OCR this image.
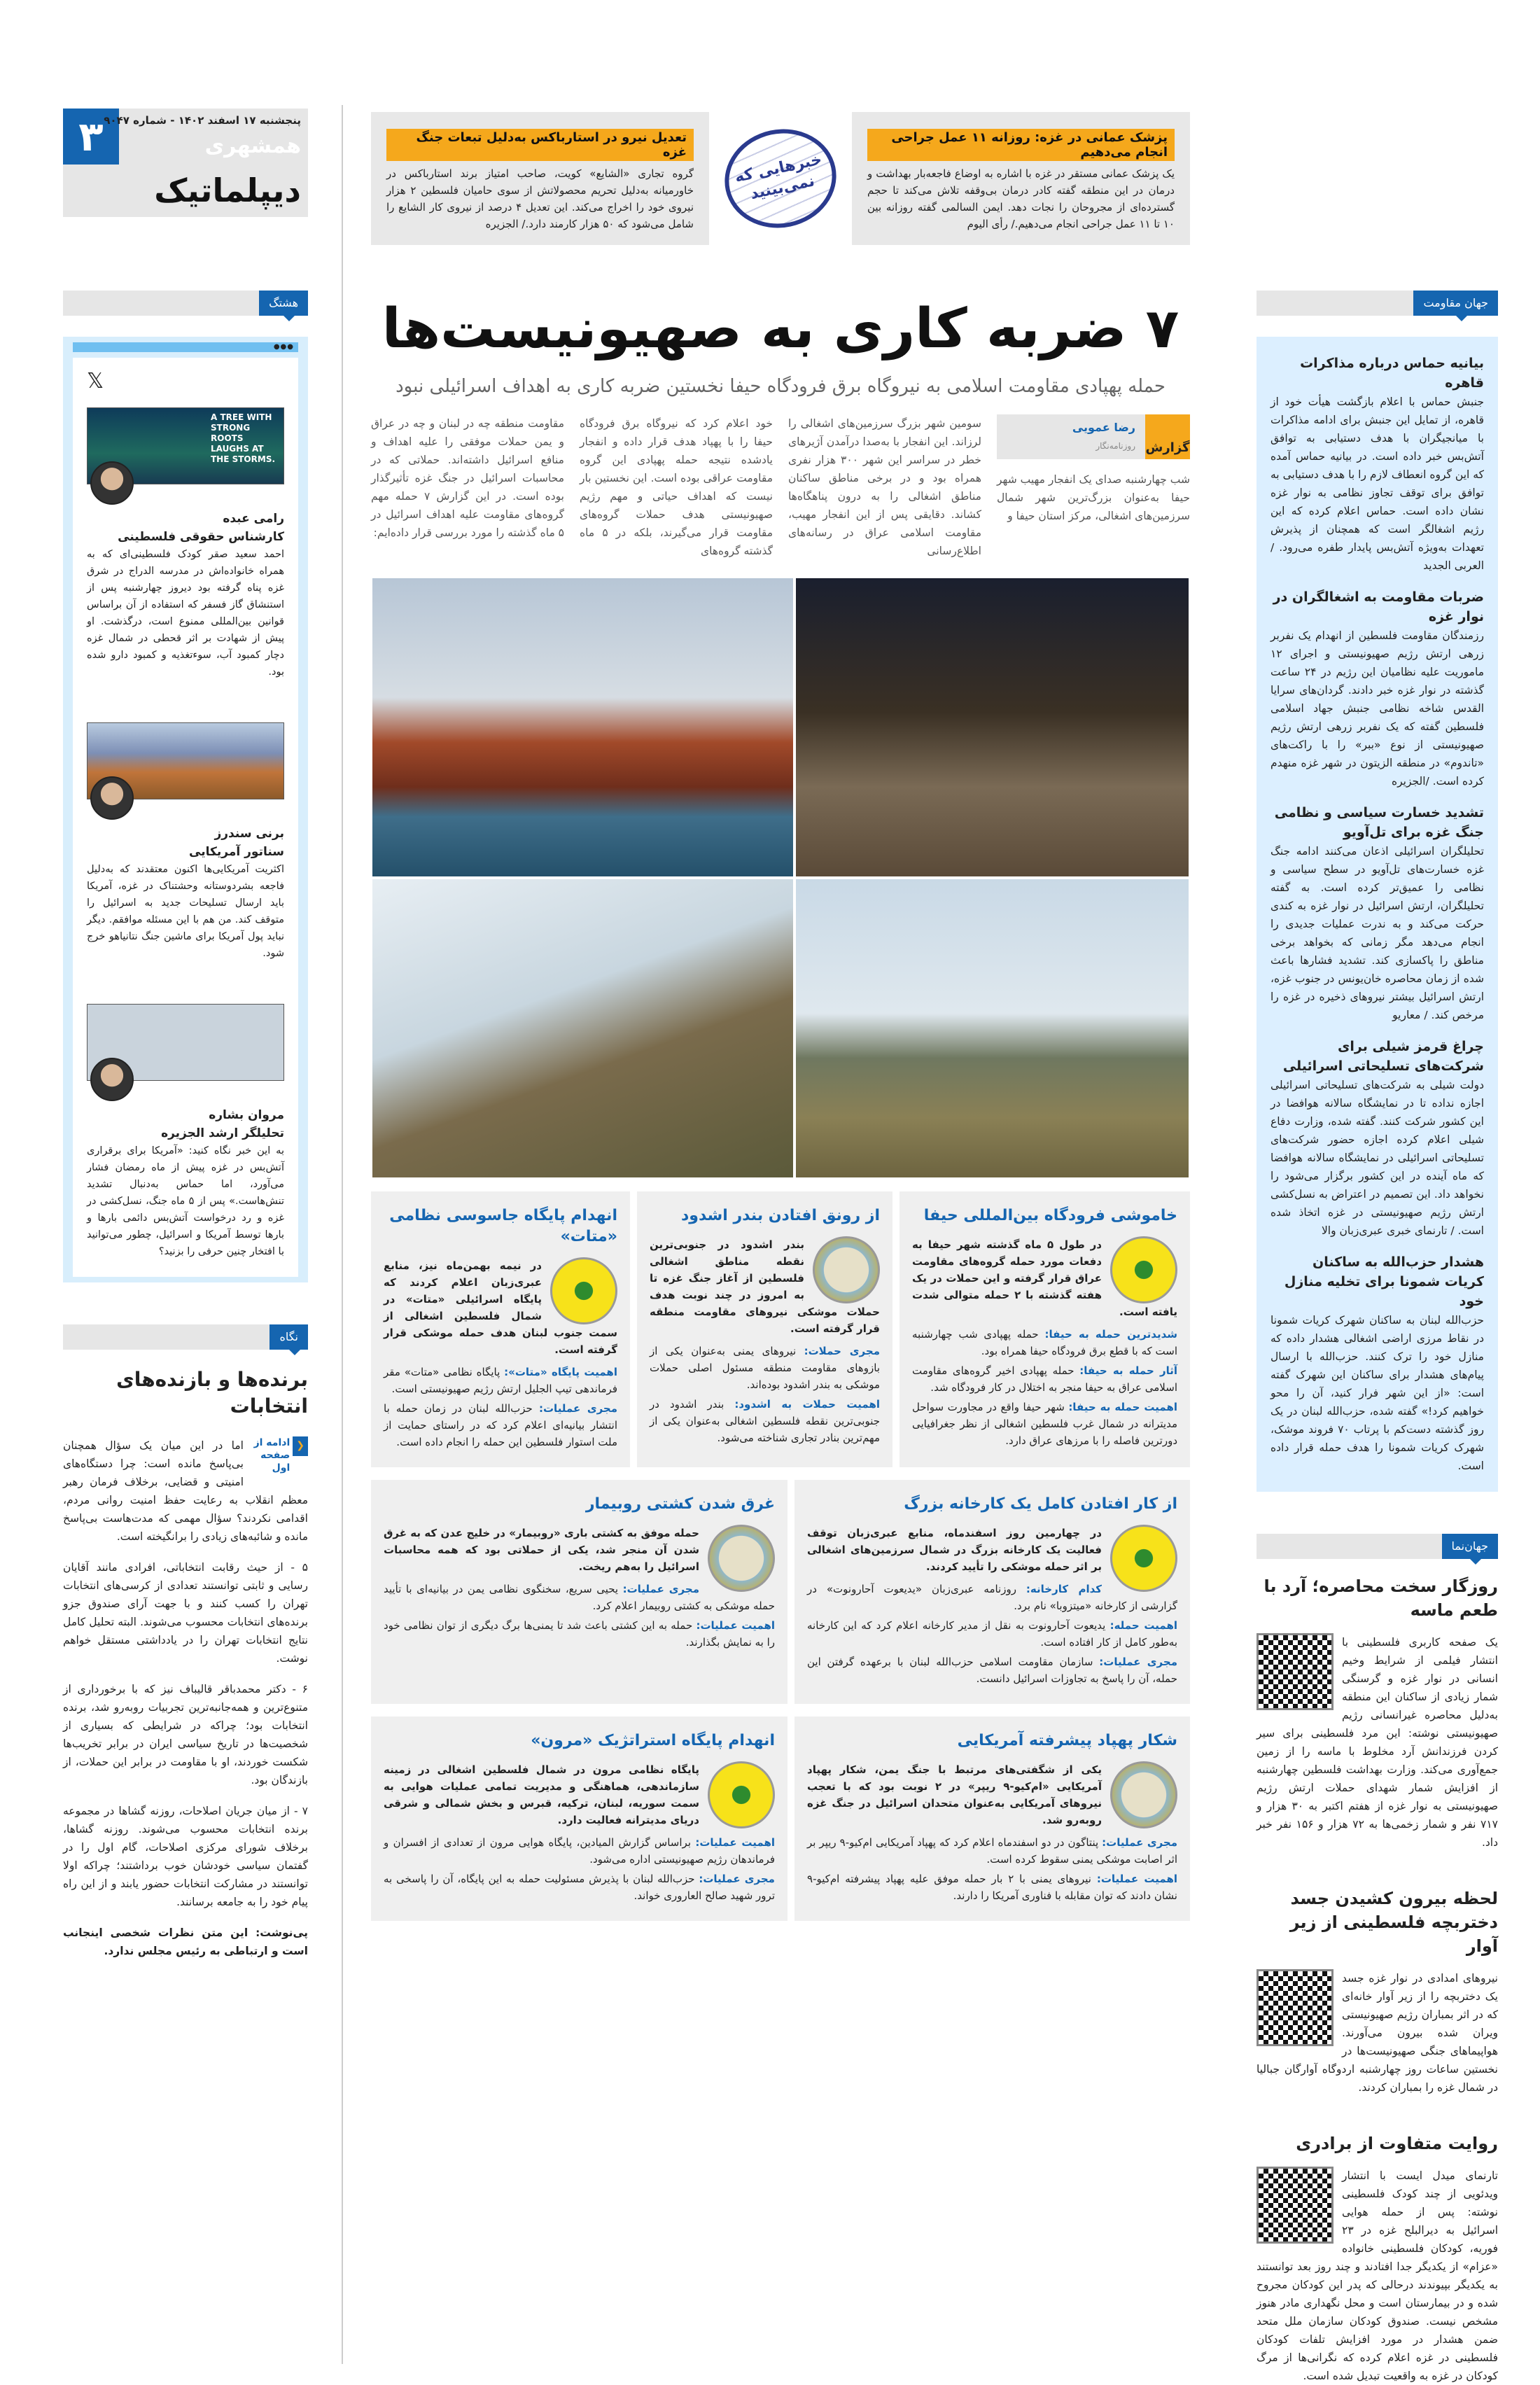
۳ پنجشنبه ۱۷ اسفند ۱۴۰۲ - شماره ۹۰۴۷
همشهری
دیپلماتیک
هشتگ
●●●
𝕏
A TREE WITH STRONG ROOTS LAUGHS AT THE STORMS.
رامی عبده
کارشناس حقوقی فلسطینی
احمد سعید صقر کودک فلسطینی‌ای که به همراه خانواده‌اش در مدرسه الدراج در شرق غزه پناه گرفته بود دیروز چهارشنبه پس از استنشاق گاز فسفر که استفاده از آن براساس قوانین بین‌المللی ممنوع است، درگذشت. او پیش از شهادت بر اثر قحطی در شمال غزه دچار کمبود آب، سوءتغذیه و کمبود دارو شده بود.
برنی سندرز
سناتور آمریکایی
اکثریت آمریکایی‌ها اکنون معتقدند که به‌دلیل فاجعه بشردوستانه وحشتناک در غزه، آمریکا باید ارسال تسلیحات جدید به اسرائیل را متوقف کند. من هم با این مسئله موافقم. دیگر نباید پول آمریکا برای ماشین جنگ نتانیاهو خرج شود.
مروان بشاره
تحلیلگر ارشد الجزیره
به این خبر نگاه کنید: «آمریکا برای برقراری آتش‌بس در غزه پیش از ماه رمضان فشار می‌آورد، اما حماس به‌دنبال تشدید تنش‌هاست.» پس از ۵ ماه جنگ، نسل‌کشی در غزه و رد درخواست آتش‌بس دائمی بارها و بارها توسط آمریکا و اسرائیل، چطور می‌توانید با افتخار چنین حرفی را بزنید؟
نگاه
برنده‌ها و بازنده‌های انتخابات
❮
ادامه از صفحه اول
اما در این میان یک سؤال همچنان بی‌پاسخ مانده است: چرا دستگاه‌های امنیتی و قضایی، برخلاف فرمان رهبر معظم انقلاب به رعایت حفظ امنیت روانی مردم، اقدامی نکردند؟ سؤال مهمی که مدت‌هاست بی‌پاسخ مانده و شائبه‌های زیادی را برانگیخته است.
۵ - از حیث رقابت انتخاباتی، افرادی مانند آقایان رسایی و ثابتی توانستند تعدادی از کرسی‌های انتخابات تهران را کسب کنند و با جهت آرای صندوق جزو برنده‌های انتخابات محسوب می‌شوند. البته تحلیل کامل نتایج انتخابات تهران را در یادداشتی مستقل خواهم نوشت.
۶ - دکتر محمدباقر قالیباف نیز که با برخورداری از متنوع‌ترین و همه‌جانبه‌ترین تجربیات رو‌به‌رو شد، برنده انتخابات بود؛ چراکه در شرایطی که بسیاری از شخصیت‌ها در تاریخ سیاسی ایران در برابر تخریب‌ها شکست خوردند، او با مقاومت در برابر این حملات، از بازندگان بود.
۷ - از میان جریان اصلاحات، روزنه گشاها در مجموعه برنده انتخابات محسوب می‌شوند. روزنه گشاها، برخلاف شورای مرکزی اصلاحات، گام اول را در گفتمان سیاسی خودشان خوب برداشتند؛ چراکه اولا توانستند در مشارکت انتخابات حضور یابند و از این راه پیام خود را به جامعه برسانند.
پی‌نوشت: این متن نظرات شخصی اینجانب است و ارتباطی به رئیس مجلس ندارد.
پزشک عمانی در غزه: روزانه ۱۱ عمل جراحی انجام می‌دهیم
یک پزشک عمانی مستقر در غزه با اشاره به اوضاع فاجعه‌بار بهداشت و درمان در این منطقه گفته کادر درمان بی‌وقفه تلاش می‌کند تا حجم گسترده‌ای از مجروحان را نجات دهد. ایمن السالمی گفته روزانه بین ۱۰ تا ۱۱ عمل جراحی انجام می‌دهیم./ رأی الیوم
خبرهایی که نمی‌بینید
تعدیل نیرو در استارباکس به‌دلیل تبعات جنگ غزه
گروه تجاری «الشایع» کویت، صاحب امتیاز برند استارباکس در خاورمیانه به‌دلیل تحریم محصولاتش از سوی حامیان فلسطین ۲ هزار نیروی خود را اخراج می‌کند. این تعدیل ۴ درصد از نیروی کار الشایع را شامل می‌شود که ۵۰ هزار کارمند دارد./ الجزیره
۷ ضربه کاری به صهیونیست‌ها
حمله پهپادی مقاومت اسلامی به نیروگاه برق فرودگاه حیفا نخستین ضربه کاری به اهداف اسرائیلی نبود
گزارش
رضا عمویی
روزنامه‌نگار
شب چهارشنبه صدای یک انفجار مهیب شهر حیفا به‌عنوان بزرگ‌ترین شهر شمال سرزمین‌های اشغالی، مرکز استان حیفا و
سومین شهر بزرگ سرزمین‌های اشغالی را لرزاند. این انفجار با به‌صدا درآمدن آژیرهای خطر در سراسر این شهر ۳۰۰ هزار نفری همراه بود و در برخی مناطق ساکنان مناطق اشغالی را به درون پناهگاه‌ها کشاند. دقایقی پس از این انفجار مهیب، مقاومت اسلامی عراق در رسانه‌های اطلاع‌رسانی
خود اعلام کرد که نیروگاه برق فرودگاه حیفا را با پهپاد هدف قرار داده و انفجار یادشده نتیجه حمله پهپادی این گروه مقاومت عراقی بوده است. این نخستین بار نیست که اهداف حیاتی و مهم رژیم صهیونیستی هدف حملات گروه‌های مقاومت قرار می‌گیرند، بلکه در ۵ ماه گذشته گروه‌های
مقاومت منطقه چه در لبنان و چه در عراق و یمن حملات موفقی را علیه اهداف و منافع اسرائیل داشته‌اند. حملاتی که در محاسبات اسرائیل در جنگ غزه تأثیرگذار بوده است. در این گزارش ۷ حمله مهم گروه‌های مقاومت علیه اهداف اسرائیل در ۵ ماه گذشته را مورد بررسی قرار داده‌ایم:
خاموشی فرودگاه بین‌المللی حیفا
در طول ۵ ماه گذشته شهر حیفا به دفعات مورد حمله گروه‌های مقاومت عراق قرار گرفته و این حملات در یک هفته گذشته با ۲ حمله متوالی شدت یافته است.
شدیدترین حمله به حیفا: حمله پهپادی شب چهارشنبه است که با قطع برق فرودگاه حیفا همراه بود.
آثار حمله به حیفا: حمله پهپادی اخیر گروه‌های مقاومت اسلامی عراق به حیفا منجر به اختلال در کار فرودگاه شد.
اهمیت حمله به حیفا: شهر حیفا واقع در مجاورت سواحل مدیترانه در شمال غرب فلسطین اشغالی از نظر جغرافیایی دورترین فاصله را با مرزهای عراق دارد.
از رونق افتادن بندر اشدود
بندر اشدود در جنوبی‌ترین نقطه مناطق اشغالی فلسطین از آغاز جنگ غزه تا به امروز در چند نوبت هدف حملات موشکی نیروهای مقاومت منطقه قرار گرفته است.
مجری حملات: نیروهای یمنی به‌عنوان یکی از بازوهای مقاومت منطقه مسئول اصلی حملات موشکی به بندر اشدود بوده‌اند.
اهمیت حملات به اشدود: بندر اشدود در جنوبی‌ترین نقطه فلسطین اشغالی به‌عنوان یکی از مهم‌ترین بنادر تجاری شناخته می‌شود.
انهدام پایگاه جاسوسی نظامی «متات»
در نیمه بهمن‌ماه نیز، منابع عبری‌زبان اعلام کردند که پایگاه اسرائیلی «متات» در شمال فلسطین اشغالی از سمت جنوب لبنان هدف حمله موشکی قرار گرفته است.
اهمیت پایگاه «متات»: پایگاه نظامی «متات» مقر فرماندهی تیپ الجلیل ارتش رژیم صهیونیستی است.
مجری عملیات: حزب‌الله لبنان در زمان حمله با انتشار بیانیه‌ای اعلام کرد که در راستای حمایت از ملت استوار فلسطین این حمله را انجام داده است.
از کار افتادن کامل یک کارخانه بزرگ
در چهارمین روز اسفندماه، منابع عبری‌زبان توقف فعالیت یک کارخانه بزرگ در شمال سرزمین‌های اشغالی بر اثر حمله موشکی را تأیید کردند.
کدام کارخانه: روزنامه عبری‌زبان «یدیعوت آحارونوت» در گزارشی از کارخانه «میتزوبا» نام برد.
اهمیت حمله: یدیعوت آحارونوت به نقل از مدیر کارخانه اعلام کرد که این کارخانه به‌طور کامل از کار افتاده است.
مجری عملیات: سازمان مقاومت اسلامی حزب‌الله لبنان با برعهده گرفتن این حمله، آن را پاسخ به تجاوزات اسرائیل دانست.
غرق شدن کشتی روبیمار
حمله موفق به کشتی باری «روبیمار» در خلیج عدن که به غرق شدن آن منجر شد، یکی از حملاتی بود که همه محاسبات اسرائیل را به‌هم ریخت.
مجری عملیات: یحیی سریع، سخنگوی نظامی یمن در بیانیه‌ای با تأیید حمله موشکی به کشتی روبیمار اعلام کرد.
اهمیت عملیات: حمله به این کشتی باعث شد تا یمنی‌ها برگ دیگری از توان نظامی خود را به نمایش بگذارند.
شکار پهپاد پیشرفته آمریکایی
یکی از شگفتی‌های مرتبط با جنگ یمن، شکار پهپاد آمریکایی «ام‌کیو-۹ ریپر» در ۲ نوبت بود که با تعجب نیروهای آمریکایی به‌عنوان متحدان اسرائیل در جنگ غزه روبه‌رو شد.
مجری عملیات: پنتاگون در دو اسفندماه اعلام کرد که پهپاد آمریکایی ام‌کیو-۹ ریپر بر اثر اصابت موشکی یمنی سقوط کرده است.
اهمیت عملیات: نیروهای یمنی با ۲ بار حمله موفق علیه پهپاد پیشرفته ام‌کیو-۹ نشان دادند که توان مقابله با فناوری آمریکا را دارند.
انهدام پایگاه استراتژیک «مرون»
پایگاه نظامی مرون در شمال فلسطین اشغالی در زمینه سازماندهی، هماهنگی و مدیریت تمامی عملیات هوایی به سمت سوریه، لبنان، ترکیه، قبرس و بخش شمالی و شرقی دریای مدیترانه فعالیت دارد.
اهمیت عملیات: براساس گزارش المیادین، پایگاه هوایی مرون از تعدادی از افسران و فرماندهان رژیم صهیونیستی اداره می‌شود.
مجری عملیات: حزب‌الله لبنان با پذیرش مسئولیت حمله به این پایگاه، آن را پاسخی به ترور شهید صالح العاروری خواند.
جهان مقاومت
بیانیه حماس درباره مذاکرات قاهره
جنبش حماس با اعلام بازگشت هیأت خود از قاهره، از تمایل این جنبش برای ادامه مذاکرات با میانجیگران با هدف دستیابی به توافق آتش‌بس خبر داده است. در بیانیه حماس آمده که این گروه انعطاف لازم را با هدف دستیابی به توافق برای توقف تجاوز نظامی به نوار غزه نشان داده است. حماس اعلام کرده که این رژیم اشغالگر است که همچنان از پذیرش تعهدات به‌ویژه آتش‌بس پایدار طفره می‌رود. /العربی الجدید
ضربات مقاومت به اشغالگران در نوار غزه
رزمندگان مقاومت فلسطین از انهدام یک نفربر زرهی ارتش رژیم صهیونیستی و اجرای ۱۲ ماموریت علیه نظامیان این رژیم در ۲۴ ساعت گذشته در نوار غزه خبر دادند. گردان‌های سرایا القدس شاخه نظامی جنبش جهاد اسلامی فلسطین گفته که یک نفربر زرهی ارتش رژیم صهیونیستی از نوع «ببر» را با راکت‌های «تاندوم» در منطقه الزیتون در شهر غزه منهدم کرده است. /الجزیره
تشدید خسارت سیاسی و نظامی جنگ غزه برای تل‌آویو
تحلیلگران اسرائیلی اذعان می‌کنند ادامه جنگ غزه خسارت‌های تل‌آویو در سطح سیاسی و نظامی را عمیق‌تر کرده است. به گفته تحلیلگران، ارتش اسرائیل در نوار غزه به کندی حرکت می‌کند و به ندرت عملیات جدیدی را انجام می‌دهد مگر زمانی که بخواهد برخی مناطق را پاکسازی کند. تشدید فشارها باعث شده از زمان محاصره خان‌یونس در جنوب غزه، ارتش اسرائیل بیشتر نیروهای ذخیره در غزه را مرخص کند. / معاریو
چراغ قرمز شیلی برای شرکت‌های تسلیحاتی اسرائیلی
دولت شیلی به شرکت‌های تسلیحاتی اسرائیلی اجازه نداده تا در نمایشگاه سالانه هوافضا در این کشور شرکت کنند. گفته شده، وزارت دفاع شیلی اعلام کرده اجازه حضور شرکت‌های تسلیحاتی اسرائیلی در نمایشگاه سالانه هوافضا که ماه آینده در این کشور برگزار می‌شود را نخواهد داد. این تصمیم در اعتراض به نسل‌کشی ارتش رژیم صهیونیستی در غزه اتخاذ شده است. / تارنمای خبری عبری‌زبان والا
هشدار حزب‌الله به ساکنان کریات شمونا برای تخلیه منازل خود
حزب‌الله لبنان به ساکنان شهرک کریات شمونا در نقاط مرزی اراضی اشغالی هشدار داده که منازل خود را ترک کنند. حزب‌الله با ارسال پیام‌های هشدار برای ساکنان این شهرک گفته است: «از این شهر فرار کنید، آن را محو خواهیم کرد!» گفته شده، حزب‌الله لبنان در یک روز گذشته دست‌کم با پرتاب ۷۰ فروند موشک، شهرک کریات شمونا را هدف حمله قرار داده است.
جهان‌نما
روزگار سخت محاصره؛ آرد با طعم ماسه
یک صفحه کاربری فلسطینی با انتشار فیلمی از شرایط وخیم انسانی در نوار غزه و گرسنگی شمار زیادی از ساکنان این منطقه به‌دلیل محاصره غیرانسانی رژیم صهیونیستی نوشته: این مرد فلسطینی برای سیر کردن فرزندانش آرد مخلوط با ماسه را از زمین جمع‌آوری می‌کند. وزارت بهداشت فلسطین چهارشنبه از افزایش شمار شهدای حملات ارتش رژیم صهیونیستی به نوار غزه از هفتم اکتبر به ۳۰ هزار و ۷۱۷ نفر و شمار زخمی‌ها به ۷۲ هزار و ۱۵۶ نفر خبر داد.
لحظه بیرون کشیدن جسد دختربچه فلسطینی از زیر آوار
نیروهای امدادی در نوار غزه جسد یک دختربچه را از زیر آوار خانه‌ای که در اثر بمباران رژیم صهیونیستی ویران شده بیرون می‌آورند. هواپیماهای جنگی صهیونیست‌ها در نخستین ساعات روز چهارشنبه اردوگاه آوارگان جبالیا در شمال غزه را بمباران کردند.
روایت متفاوت از برادری
تارنمای میدل ایست با انتشار ویدئویی از چند کودک فلسطینی نوشته: پس از حمله هوایی اسرائیل به دیرالبلح غزه در ۲۳ فوریه، کودکان فلسطینی خانواده «عزام» از یکدیگر جدا افتادند و چند روز بعد توانستند به یکدیگر بپیوندند درحالی که پدر این کودکان مجروح شده و در بیمارستان است و محل نگهداری مادر هنوز مشخص نیست. صندوق کودکان سازمان ملل متحد ضمن هشدار در مورد افزایش تلفات کودکان فلسطینی در غزه اعلام کرده که نگرانی‌ها از مرگ کودکان در غزه به واقعیت تبدیل شده است.
